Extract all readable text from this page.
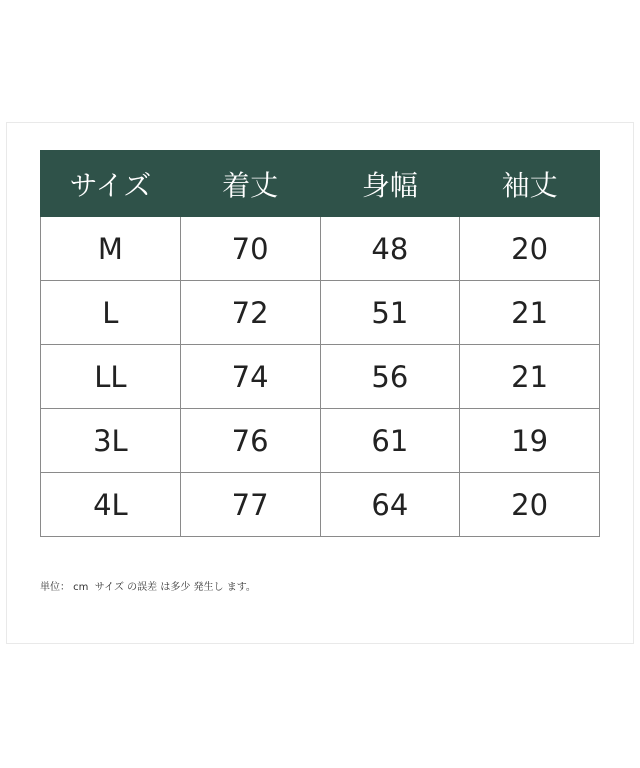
サイズ	着丈	身幅	袖丈
M	70	48	20
L	72	51	21
LL	74	56	21
3L	76	61	19
4L	77	64	20
単位： cm  サイズ の誤差 は多少 発生し ます。
